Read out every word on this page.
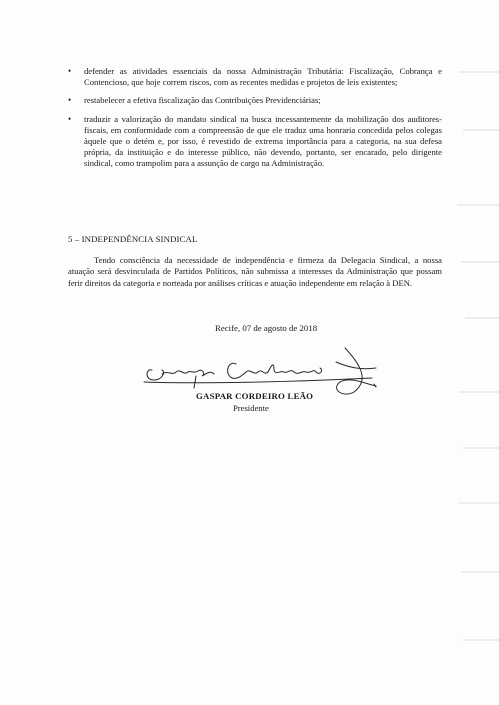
•	defender as atividades essenciais da nossa Administração Tributária: Fiscalização, Cobrança e Contencioso, que hoje correm riscos, com as recentes medidas e projetos de leis existentes;
•	restabelecer a efetiva fiscalização das Contribuições Previdenciárias;
•	traduzir a valorização do mandato sindical na busca incessantemente da mobilização dos auditores-fiscais, em conformidade com a compreensão de que ele traduz uma honraria concedida pelos colegas àquele que o detém e, por isso, é revestido de extrema importância para a categoria, na sua defesa própria, da instituição e do interesse público, não devendo, portanto, ser encarado, pelo dirigente sindical, como trampolim para a assunção de cargo na Administração.
5 – INDEPENDÊNCIA SINDICAL
Tendo consciência da necessidade de independência e firmeza da Delegacia Sindical, a nossa atuação será desvinculada de Partidos Políticos, não submissa a interesses da Administração que possam ferir direitos da categoria e norteada por análises críticas e atuação independente em relação à DEN.
Recife, 07 de agosto de 2018
GASPAR CORDEIRO LEÃO
Presidente
